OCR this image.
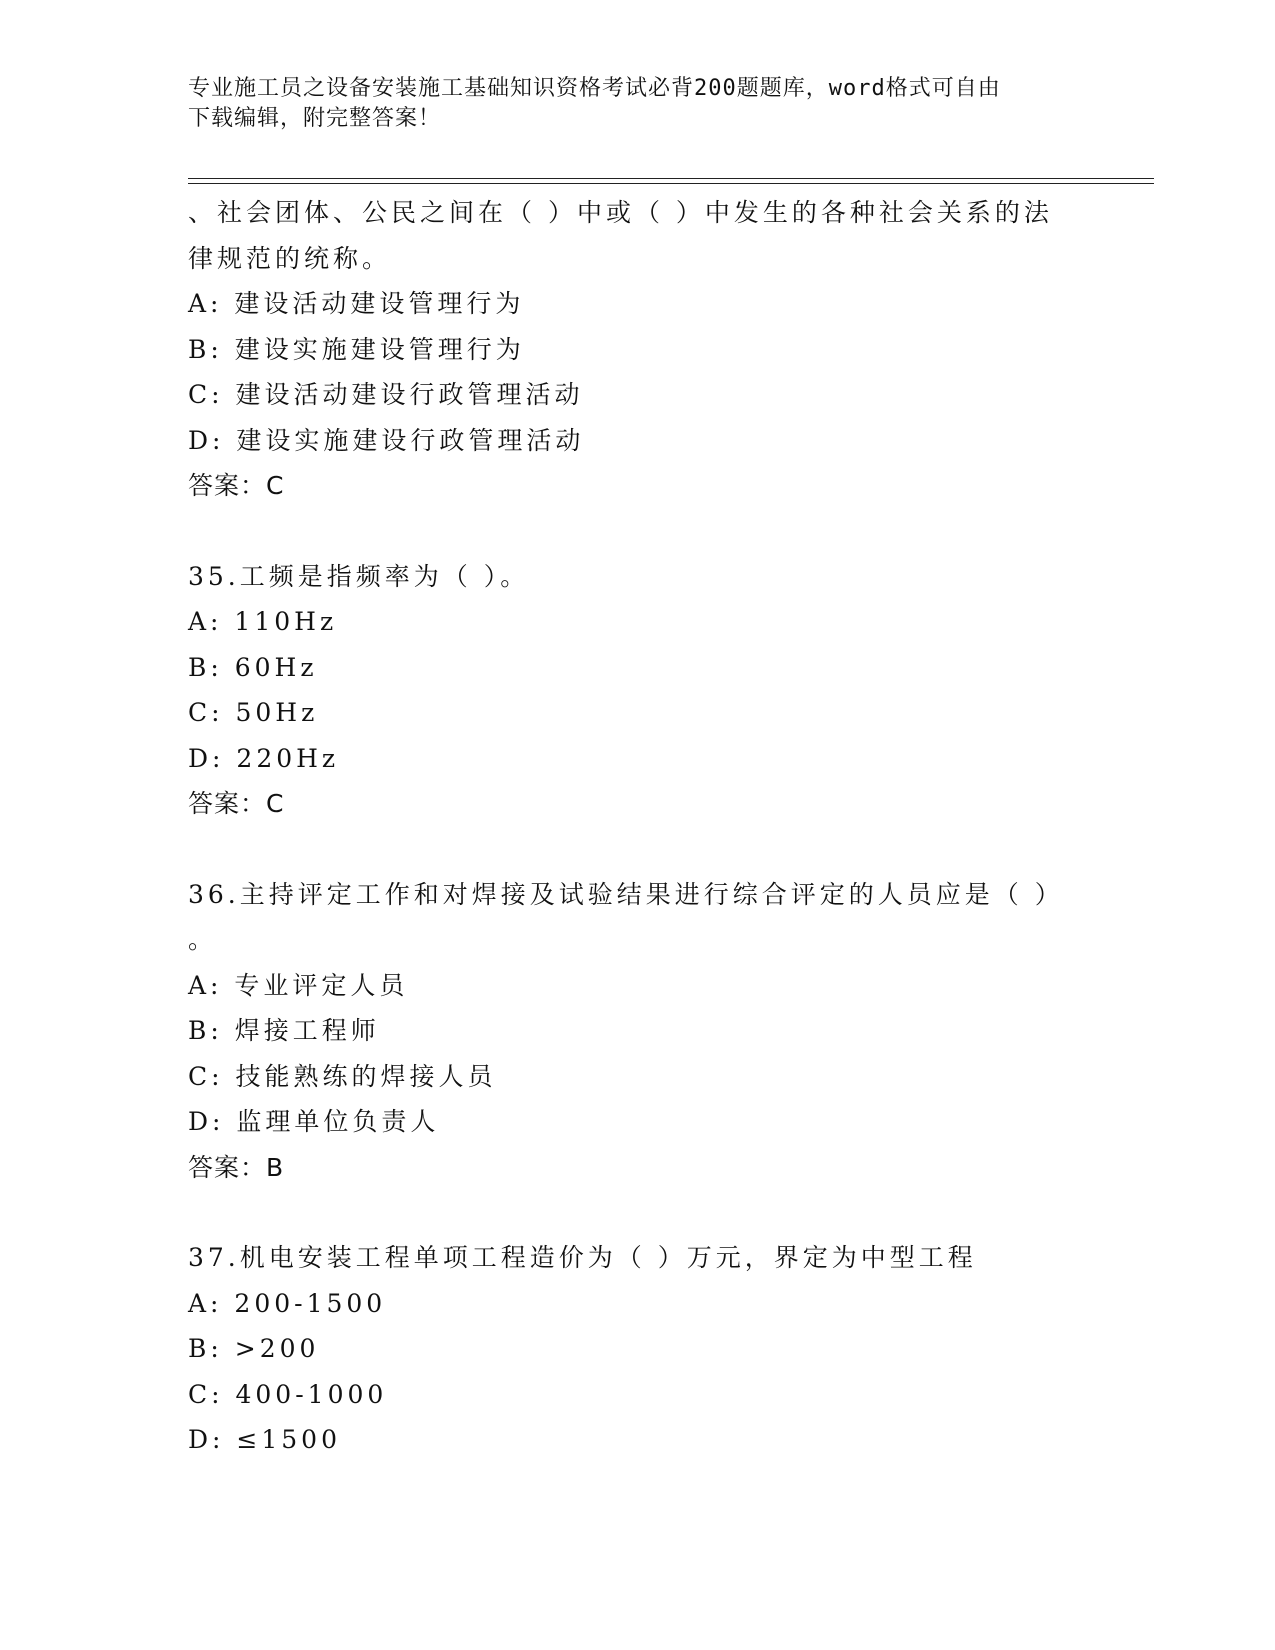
专业施工员之设备安装施工基础知识资格考试必背200题题库，word格式可自由
下载编辑，附完整答案！
、社会团体、公民之间在（ ）中或（ ）中发生的各种社会关系的法
律规范的统称。
A: 建设活动建设管理行为
B: 建设实施建设管理行为
C: 建设活动建设行政管理活动
D: 建设实施建设行政管理活动
答案：C
35.工频是指频率为（ ）。
A: 110Hz
B: 60Hz
C: 50Hz
D: 220Hz
答案：C
36.主持评定工作和对焊接及试验结果进行综合评定的人员应是（ ）
。
A: 专业评定人员
B: 焊接工程师
C: 技能熟练的焊接人员
D: 监理单位负责人
答案：B
37.机电安装工程单项工程造价为（ ）万元，界定为中型工程
A: 200-1500
B: >200
C: 400-1000
D: ≤1500
